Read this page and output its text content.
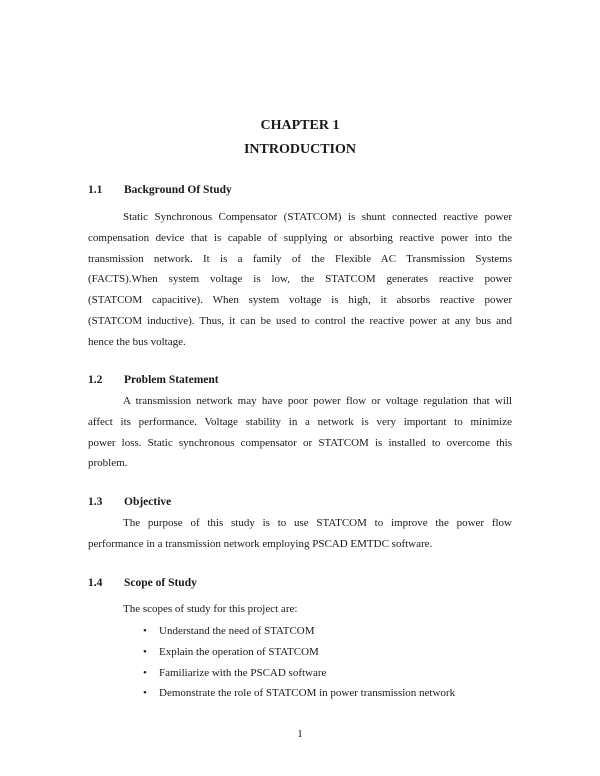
CHAPTER 1
INTRODUCTION
1.1 Background Of Study
Static Synchronous Compensator (STATCOM) is shunt connected reactive power
compensation device that is capable of supplying or absorbing reactive power into the
transmission network. It is a family of the Flexible AC Transmission Systems
(FACTS).When system voltage is low, the STATCOM generates reactive power
(STATCOM capacitive). When system voltage is high, it absorbs reactive power
(STATCOM inductive). Thus, it can be used to control the reactive power at any bus and
hence the bus voltage.
1.2 Problem Statement
A transmission network may have poor power flow or voltage regulation that will
affect its performance. Voltage stability in a network is very important to minimize
power loss. Static synchronous compensator or STATCOM is installed to overcome this
problem.
1.3 Objective
The purpose of this study is to use STATCOM to improve the power flow
performance in a transmission network employing PSCAD EMTDC software.
1.4 Scope of Study
The scopes of study for this project are:
• Understand the need of STATCOM
• Explain the operation of STATCOM
• Familiarize with the PSCAD software
• Demonstrate the role of STATCOM in power transmission network
1
